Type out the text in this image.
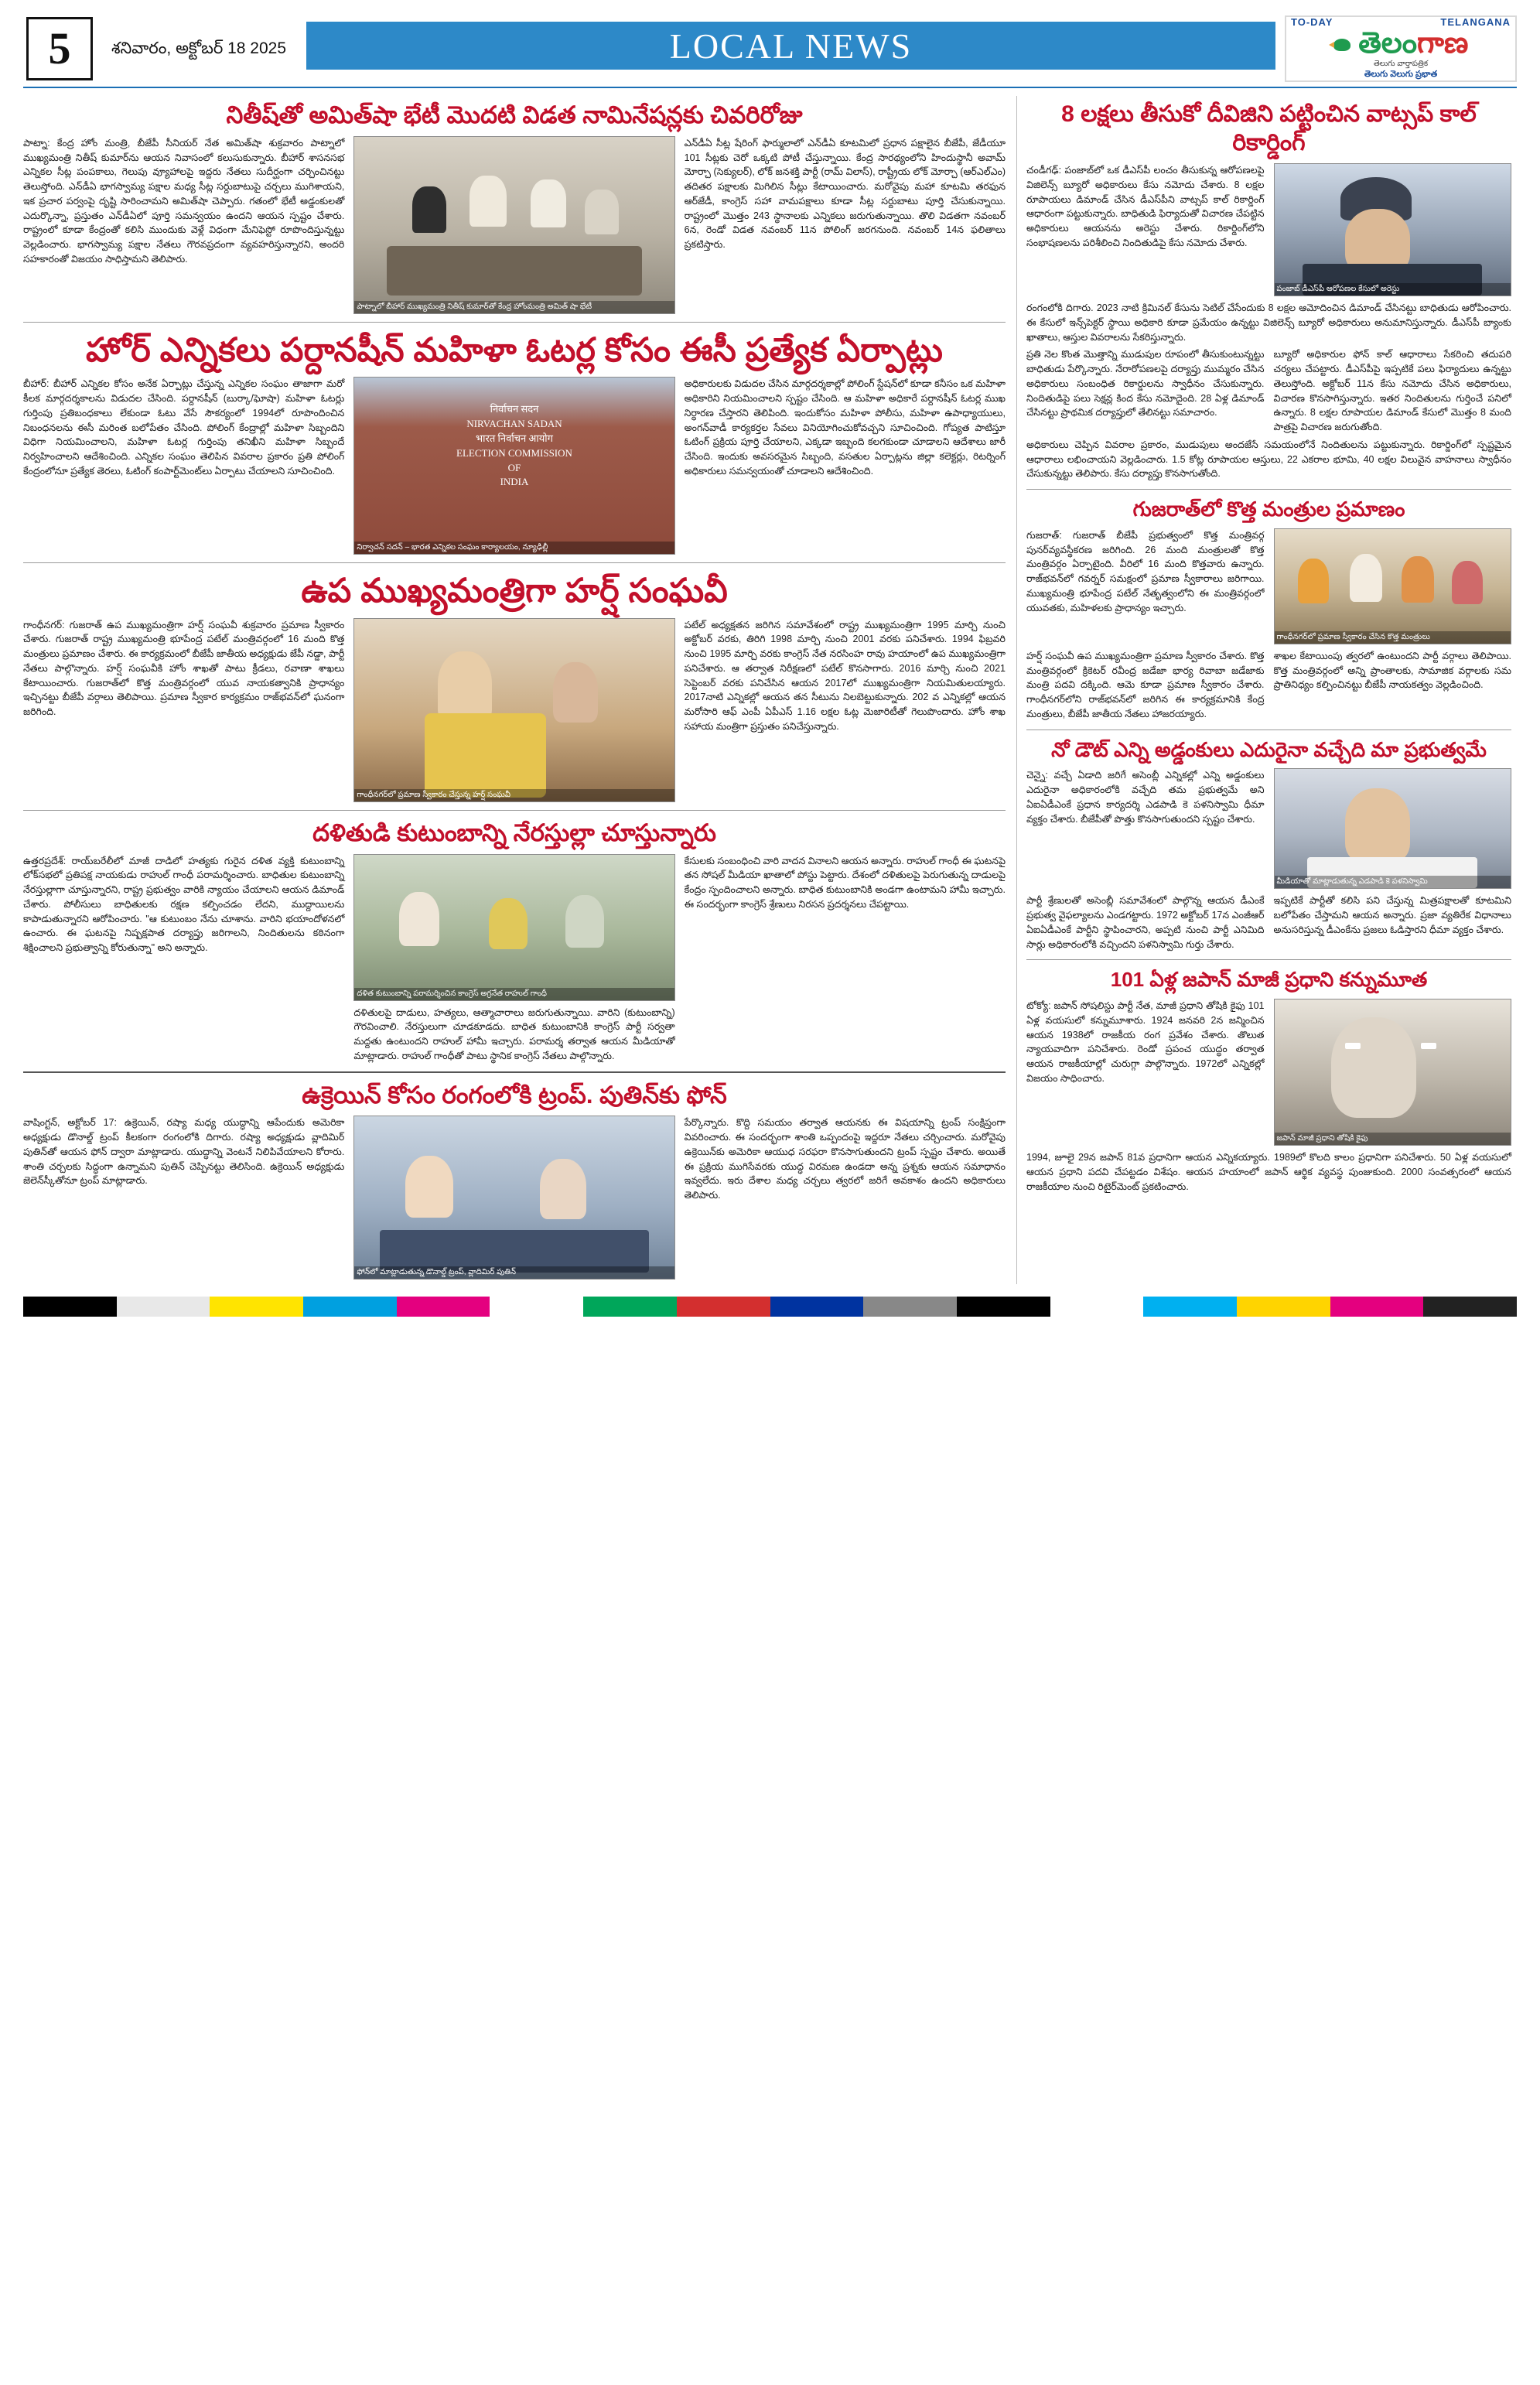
5	శనివారం, అక్టోబర్ 18 2025	LOCAL NEWS
TO-DAY	TELANGANA
తెలంగాణ
తెలుగు వార్తాపత్రిక
తెలుగు వెలుగు ప్రభాత
నితీష్‌తో అమిత్‌షా భేటీ మొదటి విడత నామినేషన్లకు చివరిరోజు
పాట్నా: కేంద్ర హోం మంత్రి, బీజేపీ సీనియర్ నేత అమిత్‌షా శుక్రవారం పాట్నాలో ముఖ్యమంత్రి నితీష్ కుమార్‌ను ఆయన నివాసంలో కలుసుకున్నారు. బీహార్ శాసనసభ ఎన్నికల సీట్ల పంపకాలు, గెలుపు వ్యూహాలపై ఇద్దరు నేతలు సుదీర్ఘంగా చర్చించినట్టు తెలుస్తోంది. ఎన్‌డీఏ భాగస్వామ్య పక్షాల మధ్య సీట్ల సర్దుబాటుపై చర్చలు ముగిశాయని, ఇక ప్రచార పర్వంపై దృష్టి సారించామని అమిత్‌షా చెప్పారు. గతంలో భేటీ అడ్డంకులతో ఎదుర్కొన్నా, ప్రస్తుతం ఎన్‌డీఏలో పూర్తి సమన్వయం ఉందని ఆయన స్పష్టం చేశారు. రాష్ట్రంలో కూడా కేంద్రంతో కలిసి ముందుకు వెళ్లే విధంగా మేనిఫెస్టో రూపొందిస్తున్నట్టు వెల్లడించారు. భాగస్వామ్య పక్షాల నేతలు గౌరవప్రదంగా వ్యవహరిస్తున్నారని, అందరి సహకారంతో విజయం సాధిస్తామని తెలిపారు.
పాట్నాలో బీహార్ ముఖ్యమంత్రి నితీష్ కుమార్‌తో కేంద్ర హోంమంత్రి అమిత్ షా భేటీ
ఎన్‌డీఏ సీట్ల షేరింగ్ ఫార్ములాలో ఎన్‌డీఏ కూటమిలో ప్రధాన పక్షాలైన బీజేపీ, జేడీయూ 101 సీట్లకు చెరో ఒక్కటి పోటీ చేస్తున్నాయి. కేంద్ర సారథ్యంలోని హిందుస్థానీ అవామ్ మోర్చా (సెక్యులర్), లోక్ జనశక్తి పార్టీ (రామ్ విలాస్), రాష్ట్రీయ లోక్ మోర్చా (ఆర్‌ఎల్‌ఎం) తదితర పక్షాలకు మిగిలిన సీట్లు కేటాయించారు. మరోవైపు మహా కూటమి తరఫున ఆర్‌జేడీ, కాంగ్రెస్ సహా వామపక్షాలు కూడా సీట్ల సర్దుబాటు పూర్తి చేసుకున్నాయి. రాష్ట్రంలో మొత్తం 243 స్థానాలకు ఎన్నికలు జరుగుతున్నాయి. తొలి విడతగా నవంబర్ 6న, రెండో విడత నవంబర్ 11న పోలింగ్ జరగనుంది. నవంబర్ 14న ఫలితాలు ప్రకటిస్తారు.
హోర్ ఎన్నికలు పర్దానషీన్ మహిళా ఓటర్ల కోసం ఈసీ ప్రత్యేక ఏర్పాట్లు
బీహార్: బీహార్ ఎన్నికల కోసం అనేక ఏర్పాట్లు చేస్తున్న ఎన్నికల సంఘం తాజాగా మరో కీలక మార్గదర్శకాలను విడుదల చేసింది. పర్దానషీన్ (బుర్కా/ఘోషా) మహిళా ఓటర్లు గుర్తింపు ప్రతిబంధకాలు లేకుండా ఓటు వేసే సౌకర్యంలో 1994లో రూపొందించిన నిబంధనలను ఈసీ మరింత బలోపేతం చేసింది. పోలింగ్ కేంద్రాల్లో మహిళా సిబ్బందిని విధిగా నియమించాలని, మహిళా ఓటర్ల గుర్తింపు తనిఖీని మహిళా సిబ్బందే నిర్వహించాలని ఆదేశించింది. ఎన్నికల సంఘం తెలిపిన వివరాల ప్రకారం ప్రతి పోలింగ్ కేంద్రంలోనూ ప్రత్యేక తెరలు, ఓటింగ్ కంపార్ట్‌మెంట్‌లు ఏర్పాటు చేయాలని సూచించింది.
निर्वाचन सदन
NIRVACHAN SADAN
भारत निर्वाचन आयोग
ELECTION COMMISSION
OF
INDIA
నిర్వాచన్ సదన్ – భారత ఎన్నికల సంఘం కార్యాలయం, న్యూఢిల్లీ
అధికారులకు విడుదల చేసిన మార్గదర్శకాల్లో పోలింగ్ స్టేషన్‌లో కూడా కనీసం ఒక మహిళా అధికారిని నియమించాలని స్పష్టం చేసింది. ఆ మహిళా అధికారే పర్దానషీన్ ఓటర్ల ముఖ నిర్ధారణ చేస్తారని తెలిపింది. ఇందుకోసం మహిళా పోలీసు, మహిళా ఉపాధ్యాయులు, అంగన్‌వాడీ కార్యకర్తల సేవలు వినియోగించుకోవచ్చని సూచించింది. గోప్యత పాటిస్తూ ఓటింగ్ ప్రక్రియ పూర్తి చేయాలని, ఎక్కడా ఇబ్బంది కలగకుండా చూడాలని ఆదేశాలు జారీ చేసింది. ఇందుకు అవసరమైన సిబ్బంది, వసతుల ఏర్పాట్లను జిల్లా కలెక్టర్లు, రిటర్నింగ్ అధికారులు సమన్వయంతో చూడాలని ఆదేశించింది.
ఉప ముఖ్యమంత్రిగా హర్ష్ సంఘవీ
గాంధీనగర్: గుజరాత్ ఉప ముఖ్యమంత్రిగా హర్ష్ సంఘవీ శుక్రవారం ప్రమాణ స్వీకారం చేశారు. గుజరాత్ రాష్ట్ర ముఖ్యమంత్రి భూపేంద్ర పటేల్ మంత్రివర్గంలో 16 మంది కొత్త మంత్రులు ప్రమాణం చేశారు. ఈ కార్యక్రమంలో బీజేపీ జాతీయ అధ్యక్షుడు జేపీ నడ్డా, పార్టీ నేతలు పాల్గొన్నారు. హర్ష్ సంఘవీకి హోం శాఖతో పాటు క్రీడలు, రవాణా శాఖలు కేటాయించారు. గుజరాత్‌లో కొత్త మంత్రివర్గంలో యువ నాయకత్వానికి ప్రాధాన్యం ఇచ్చినట్టు బీజేపీ వర్గాలు తెలిపాయి. ప్రమాణ స్వీకార కార్యక్రమం రాజ్‌భవన్‌లో ఘనంగా జరిగింది.
గాంధీనగర్‌లో ప్రమాణ స్వీకారం చేస్తున్న హర్ష్ సంఘవీ
పటేల్ అధ్యక్షతన జరిగిన సమావేశంలో రాష్ట్ర ముఖ్యమంత్రిగా 1995 మార్చి నుంచి అక్టోబర్ వరకు, తిరిగి 1998 మార్చి నుంచి 2001 వరకు పనిచేశారు. 1994 ఫిబ్రవరి నుంచి 1995 మార్చి వరకు కాంగ్రెస్ నేత నరసింహ రావు హయాంలో ఉప ముఖ్యమంత్రిగా పనిచేశారు. ఆ తర్వాత నిరీక్షణలో పటేల్ కొనసాగారు. 2016 మార్చి నుంచి 2021 సెప్టెంబర్ వరకు పనిచేసిన ఆయన 2017లో ముఖ్యమంత్రిగా నియమితులయ్యారు. 2017నాటి ఎన్నికల్లో ఆయన తన సీటును నిలబెట్టుకున్నారు. 202 వ ఎన్నికల్లో ఆయన మరోసారి ఆఫ్ ఎంపీ ఏపీఎస్ 1.16 లక్షల ఓట్ల మెజారిటీతో గెలుపొందారు. హోం శాఖ సహాయ మంత్రిగా ప్రస్తుతం పనిచేస్తున్నారు.
దళితుడి కుటుంబాన్ని నేరస్తుల్లా చూస్తున్నారు
ఉత్తరప్రదేశ్: రాయ్‌బరేలీలో మాజీ దాడిలో హత్యకు గురైన దళిత వ్యక్తి కుటుంబాన్ని లోక్‌సభలో ప్రతిపక్ష నాయకుడు రాహుల్ గాంధీ పరామర్శించారు. బాధితుల కుటుంబాన్ని నేరస్తుల్లాగా చూస్తున్నారని, రాష్ట్ర ప్రభుత్వం వారికి న్యాయం చేయాలని ఆయన డిమాండ్ చేశారు. పోలీసులు బాధితులకు రక్షణ కల్పించడం లేదని, ముద్దాయిలను కాపాడుతున్నారని ఆరోపించారు. "ఆ కుటుంబం నేను చూశాను. వారిని భయాందోళనలో ఉంచారు. ఈ ఘటనపై నిష్పక్షపాత దర్యాప్తు జరిగాలని, నిందితులను కఠినంగా శిక్షించాలని ప్రభుత్వాన్ని కోరుతున్నా" అని అన్నారు.
దళిత కుటుంబాన్ని పరామర్శించిన కాంగ్రెస్ అగ్రనేత రాహుల్ గాంధీ
దళితులపై దాడులు, హత్యలు, ఆత్మాచారాలు జరుగుతున్నాయి. వారిని (కుటుంబాన్ని) గౌరవించాలి. నేరస్తులుగా చూడకూడదు. బాధిత కుటుంబానికి కాంగ్రెస్ పార్టీ సర్వతా మద్దతు ఉంటుందని రాహుల్ హామీ ఇచ్చారు. పరామర్శ తర్వాత ఆయన మీడియాతో మాట్లాడారు. రాహుల్ గాంధీతో పాటు స్థానిక కాంగ్రెస్ నేతలు పాల్గొన్నారు.
కేసులకు సంబంధించి వారి వాదన వినాలని ఆయన అన్నారు. రాహుల్ గాంధీ ఈ ఘటనపై తన సోషల్ మీడియా ఖాతాలో పోస్టు పెట్టారు. దేశంలో దళితులపై పెరుగుతున్న దాడులపై కేంద్రం స్పందించాలని అన్నారు. బాధిత కుటుంబానికి అండగా ఉంటామని హామీ ఇచ్చారు. ఈ సందర్భంగా కాంగ్రెస్ శ్రేణులు నిరసన ప్రదర్శనలు చేపట్టాయి.
ఉక్రెయిన్ కోసం రంగంలోకి ట్రంప్. పుతిన్‌కు ఫోన్
వాషింగ్టన్, అక్టోబర్ 17: ఉక్రెయిన్, రష్యా మధ్య యుద్ధాన్ని ఆపేందుకు అమెరికా అధ్యక్షుడు డొనాల్డ్ ట్రంప్ కీలకంగా రంగంలోకి దిగారు. రష్యా అధ్యక్షుడు వ్లాదిమిర్ పుతిన్‌తో ఆయన ఫోన్ ద్వారా మాట్లాడారు. యుద్ధాన్ని వెంటనే నిలిపివేయాలని కోరారు. శాంతి చర్చలకు సిద్ధంగా ఉన్నామని పుతిన్ చెప్పినట్టు తెలిసింది. ఉక్రెయిన్ అధ్యక్షుడు జెలెన్‌స్కీతోనూ ట్రంప్ మాట్లాడారు.
ఫోన్‌లో మాట్లాడుతున్న డొనాల్డ్ ట్రంప్, వ్లాదిమిర్ పుతిన్
పేర్కొన్నారు. కొద్ది సమయం తర్వాత ఆయనకు ఈ విషయాన్ని ట్రంప్ సంక్షిప్తంగా వివరించారు. ఈ సందర్భంగా శాంతి ఒప్పందంపై ఇద్దరూ నేతలు చర్చించారు. మరోవైపు ఉక్రెయిన్‌కు అమెరికా ఆయుధ సరఫరా కొనసాగుతుందని ట్రంప్ స్పష్టం చేశారు. అయితే ఈ ప్రక్రియ ముగిసేవరకు యుద్ధ విరమణ ఉండదా అన్న ప్రశ్నకు ఆయన సమాధానం ఇవ్వలేదు. ఇరు దేశాల మధ్య చర్చలు త్వరలో జరిగే అవకాశం ఉందని అధికారులు తెలిపారు.
8 లక్షలు తీసుకో దీవిజిని పట్టించిన వాట్సప్ కాల్ రికార్డింగ్
చండీగఢ్: పంజాబ్‌లో ఒక డీఎస్‌పీ లంచం తీసుకున్న ఆరోపణలపై విజిలెన్స్ బ్యూరో అధికారులు కేసు నమోదు చేశారు. 8 లక్షల రూపాయలు డిమాండ్ చేసిన డీఎస్‌పీని వాట్సప్ కాల్ రికార్డింగ్ ఆధారంగా పట్టుకున్నారు. బాధితుడి ఫిర్యాదుతో విచారణ చేపట్టిన అధికారులు ఆయనను అరెస్టు చేశారు. రికార్డింగ్‌లోని సంభాషణలను పరిశీలించి నిందితుడిపై కేసు నమోదు చేశారు.
పంజాబ్ డీఎస్‌పీ ఆరోపణల కేసులో అరెస్టు
రంగంలోకి దిగారు. 2023 నాటి క్రిమినల్ కేసును సెటిల్ చేసేందుకు 8 లక్షల ఆమోదించిన డిమాండ్ చేసినట్టు బాధితుడు ఆరోపించారు. ఈ కేసులో ఇన్స్‌పెక్టర్ స్థాయి అధికారి కూడా ప్రమేయం ఉన్నట్టు విజిలెన్స్ బ్యూరో అధికారులు అనుమానిస్తున్నారు. డీఎస్‌పీ బ్యాంకు ఖాతాలు, ఆస్తుల వివరాలను సేకరిస్తున్నారు.
ప్రతి నెల కొంత మొత్తాన్ని ముడుపుల రూపంలో తీసుకుంటున్నట్టు బాధితుడు పేర్కొన్నారు. నేరారోపణలపై దర్యాప్తు ముమ్మరం చేసిన అధికారులు సంబంధిత రికార్డులను స్వాధీనం చేసుకున్నారు. నిందితుడిపై పలు సెక్షన్ల కింద కేసు నమోదైంది. 28 ఏళ్ల డిమాండ్ చేసినట్టు ప్రాథమిక దర్యాప్తులో తేలినట్టు సమాచారం.
బ్యూరో అధికారుల ఫోన్ కాల్ ఆధారాలు సేకరించి తదుపరి చర్యలు చేపట్టారు. డీఎస్‌పీపై ఇప్పటికే పలు ఫిర్యాదులు ఉన్నట్టు తెలుస్తోంది. అక్టోబర్ 11న కేసు నమోదు చేసిన అధికారులు, విచారణ కొనసాగిస్తున్నారు. ఇతర నిందితులను గుర్తించే పనిలో ఉన్నారు. 8 లక్షల రూపాయల డిమాండ్ కేసులో మొత్తం 8 మంది పాత్రపై విచారణ జరుగుతోంది.
అధికారులు చెప్పిన వివరాల ప్రకారం, ముడుపులు అందజేసే సమయంలోనే నిందితులను పట్టుకున్నారు. రికార్డింగ్‌లో స్పష్టమైన ఆధారాలు లభించాయని వెల్లడించారు. 1.5 కోట్ల రూపాయల ఆస్తులు, 22 ఎకరాల భూమి, 40 లక్షల విలువైన వాహనాలు స్వాధీనం చేసుకున్నట్టు తెలిపారు. కేసు దర్యాప్తు కొనసాగుతోంది.
గుజరాత్‌లో కొత్త మంత్రుల ప్రమాణం
గుజరాత్: గుజరాత్ బీజేపీ ప్రభుత్వంలో కొత్త మంత్రివర్గ పునర్‌వ్యవస్థీకరణ జరిగింది. 26 మంది మంత్రులతో కొత్త మంత్రివర్గం ఏర్పాటైంది. వీరిలో 16 మంది కొత్తవారు ఉన్నారు. రాజ్‌భవన్‌లో గవర్నర్ సమక్షంలో ప్రమాణ స్వీకారాలు జరిగాయి. ముఖ్యమంత్రి భూపేంద్ర పటేల్ నేతృత్వంలోని ఈ మంత్రివర్గంలో యువతకు, మహిళలకు ప్రాధాన్యం ఇచ్చారు.
గాంధీనగర్‌లో ప్రమాణ స్వీకారం చేసిన కొత్త మంత్రులు
హర్ష్ సంఘవీ ఉప ముఖ్యమంత్రిగా ప్రమాణ స్వీకారం చేశారు. కొత్త మంత్రివర్గంలో క్రికెటర్ రవీంద్ర జడేజా భార్య రివాబా జడేజాకు మంత్రి పదవి దక్కింది. ఆమె కూడా ప్రమాణ స్వీకారం చేశారు. గాంధీనగర్‌లోని రాజ్‌భవన్‌లో జరిగిన ఈ కార్యక్రమానికి కేంద్ర మంత్రులు, బీజేపీ జాతీయ నేతలు హాజరయ్యారు.
శాఖల కేటాయింపు త్వరలో ఉంటుందని పార్టీ వర్గాలు తెలిపాయి. కొత్త మంత్రివర్గంలో అన్ని ప్రాంతాలకు, సామాజిక వర్గాలకు సమ ప్రాతినిధ్యం కల్పించినట్టు బీజేపీ నాయకత్వం వెల్లడించింది.
నో డౌట్ ఎన్ని అడ్డంకులు ఎదురైనా వచ్చేది మా ప్రభుత్వమే
చెన్నై: వచ్చే ఏడాది జరిగే అసెంబ్లీ ఎన్నికల్లో ఎన్ని అడ్డంకులు ఎదురైనా అధికారంలోకి వచ్చేది తమ ప్రభుత్వమే అని ఏఐఏడీఎంకే ప్రధాన కార్యదర్శి ఎడపాడి కె పళనిస్వామి ధీమా వ్యక్తం చేశారు. బీజేపీతో పొత్తు కొనసాగుతుందని స్పష్టం చేశారు.
మీడియాతో మాట్లాడుతున్న ఎడపాడి కె పళనిస్వామి
పార్టీ శ్రేణులతో అసెంబ్లీ సమావేశంలో పాల్గొన్న ఆయన డీఎంకే ప్రభుత్వ వైఫల్యాలను ఎండగట్టారు. 1972 అక్టోబర్ 17న ఎంజీఆర్ ఏఐఏడీఎంకే పార్టీని స్థాపించారని, అప్పటి నుంచి పార్టీ ఎనిమిది సార్లు అధికారంలోకి వచ్చిందని పళనిస్వామి గుర్తు చేశారు.
ఇప్పటికే పార్టీతో కలిసి పని చేస్తున్న మిత్రపక్షాలతో కూటమిని బలోపేతం చేస్తామని ఆయన అన్నారు. ప్రజా వ్యతిరేక విధానాలు అనుసరిస్తున్న డీఎంకేను ప్రజలు ఓడిస్తారని ధీమా వ్యక్తం చేశారు.
101 ఏళ్ల జపాన్ మాజీ ప్రధాని కన్నుమూత
టోక్యో: జపాన్ సోషలిస్టు పార్టీ నేత, మాజీ ప్రధాని తోషికి కైఫు 101 ఏళ్ల వయసులో కన్నుమూశారు. 1924 జనవరి 2న జన్మించిన ఆయన 1938లో రాజకీయ రంగ ప్రవేశం చేశారు. తొలుత న్యాయవాదిగా పనిచేశారు. రెండో ప్రపంచ యుద్ధం తర్వాత ఆయన రాజకీయాల్లో చురుగ్గా పాల్గొన్నారు. 1972లో ఎన్నికల్లో విజయం సాధించారు.
జపాన్ మాజీ ప్రధాని తోషికి కైఫు
1994, జూలై 29న జపాన్ 81వ ప్రధానిగా ఆయన ఎన్నికయ్యారు. 1989లో కొలది కాలం ప్రధానిగా పనిచేశారు. 50 ఏళ్ల వయసులో ఆయన ప్రధాని పదవి చేపట్టడం విశేషం. ఆయన హయాంలో జపాన్ ఆర్థిక వ్యవస్థ పుంజుకుంది. 2000 సంవత్సరంలో ఆయన రాజకీయాల నుంచి రిటైర్‌మెంట్ ప్రకటించారు.
